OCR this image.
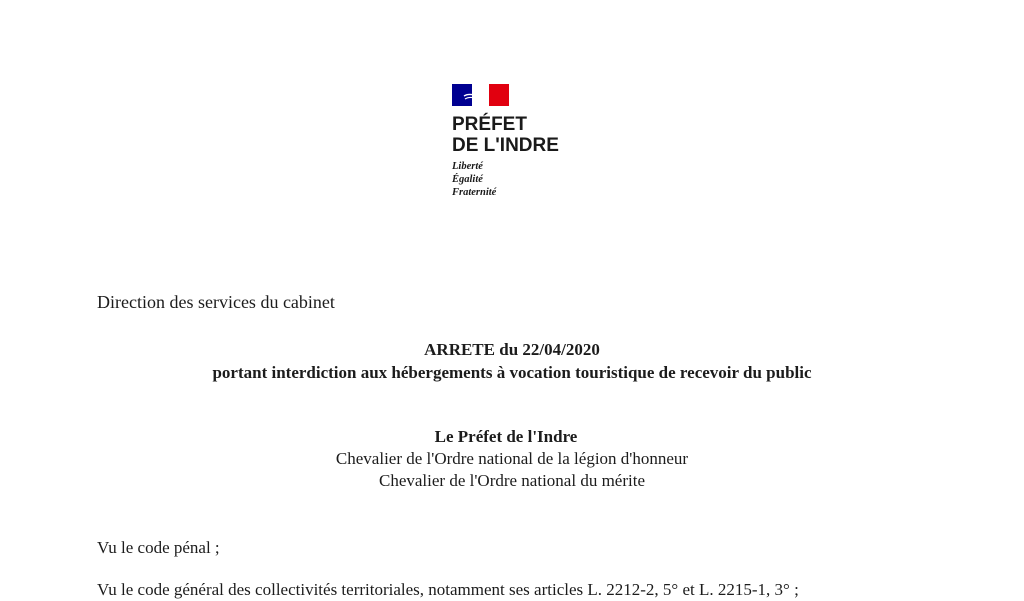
PRÉFET
DE L'INDRE
Liberté
Égalité
Fraternité
Direction des services du cabinet
ARRETE du 22/04/2020
portant interdiction aux hébergements à vocation touristique de recevoir du public
Le Préfet de l'Indre
Chevalier de l'Ordre national de la légion d'honneur
Chevalier de l'Ordre national du mérite
Vu le code pénal ;
Vu le code général des collectivités territoriales, notamment ses articles L. 2212-2, 5° et L. 2215-1, 3° ;
